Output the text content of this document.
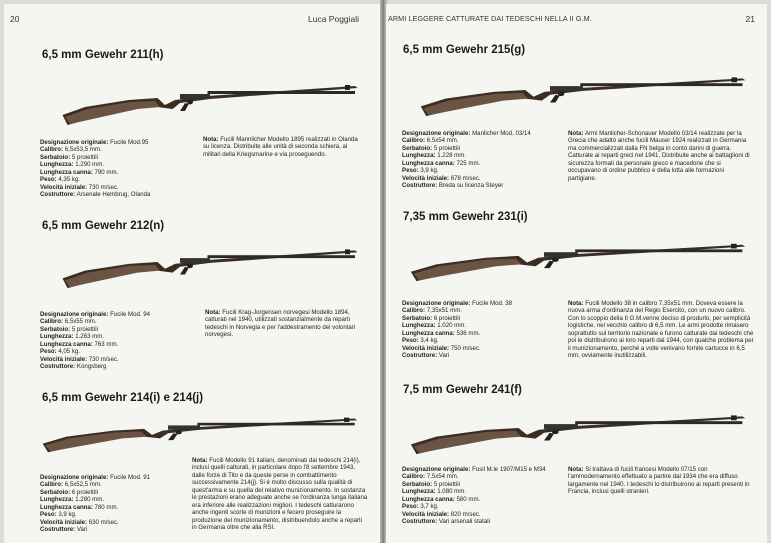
20	Luca Poggiali	ARMI LEGGERE CATTURATE DAI TEDESCHI NELLA II G.M.	21
6,5 mm Gewehr 211(h)
Designazione originale: Fucile Mod.95
Calibro: 6,5x53,5 mm.
Serbatoio: 5 proiettili
Lunghezza: 1.290 mm.
Lunghezza canna: 790 mm.
Peso: 4,35 kg.
Velocità iniziale: 730 m/sec.
Costruttore: Arsenale Hembrug, Olanda
Nota: Fucili Mannlicher Modello 1895 realizzati in Olanda su licenza. Distribuite alle unità di seconda schiera, ai militari della Kriegsmarine e via proseguendo.
6,5 mm Gewehr 212(n)
Designazione originale: Fucile Mod. 94
Calibro: 6,5x55 mm.
Serbatoio: 5 proiettili
Lunghezza: 1.263 mm.
Lunghezza canna: 763 mm.
Peso: 4,05 kg.
Velocità iniziale: 730 m/sec.
Costruttore: Kongsberg
Nota: Fucili Krag-Jorgensen norvegesi Modello 1894, catturati nel 1940, utilizzati sostanzialmente da reparti tedeschi in Norvegia e per l'addestramento dei volontari norvegesi.
6,5 mm Gewehr 214(i) e 214(j)
Designazione originale: Fucile Mod. 91
Calibro: 6,5x52,5 mm.
Serbatoio: 6 proiettili
Lunghezza: 1.280 mm.
Lunghezza canna: 780 mm.
Peso: 3,9 kg.
Velocità iniziale: 630 m/sec.
Costruttore: Vari
Nota: Fucili Modello 91 italiani, denominati dai tedeschi 214(i), inclusi quelli catturati, in particolare dopo l'8 settembre 1943, dalle forze di Tito e da queste perse in combattimento successivamente 214(j). Si è molto discusso sulla qualità di quest'arma e su quella del relativo munizionamento. In sostanza le prestazioni erano adeguate anche se l'ordinanza lunga italiana era inferiore alle realizzazioni migliori. I tedeschi catturarono anche ingenti scorte di munizioni e fecero proseguire la produzione del munizionamento, distribuendolo anche a reparti in Germania oltre che alla RSI.
6,5 mm Gewehr 215(g)
Designazione originale: Manlicher Mod. 03/14
Calibro: 6,5x54 mm.
Serbatoio: 5 proiettili
Lunghezza: 1.228 mm.
Lunghezza canna: 725 mm.
Peso: 3,9 kg.
Velocità iniziale: 678 m/sec.
Costruttore: Breda su licenza Steyer
Nota: Armi Manlicher-Schonauer Modello 03/14 realizzate per la Grecia che adattò anche fucili Mauser 1924 realizzati in Germania ma commercializzati dalla FN belga in conto danni di guerra. Catturate ai reparti greci nel 1941. Distribuite anche ai battaglioni di sicurezza formati da personale greco e macedone che si occupavano di ordine pubblico e della lotta alle formazioni partigiane.
7,35 mm Gewehr 231(i)
Designazione originale: Fucile Mod. 38
Calibro: 7,35x51 mm.
Serbatoio: 6 proiettili
Lunghezza: 1.020 mm.
Lunghezza canna: 536 mm.
Peso: 3,4 kg.
Velocità iniziale: 750 m/sec.
Costruttore: Vari
Nota: Fucili Modello 38 in calibro 7,35x51 mm. Doveva essere la nuova arma d'ordinanza del Regio Esercito, con un nuovo calibro. Con lo scoppio della II G.M.venne deciso di produrlo, per semplicità logistiche, nel vecchio calibro di 6,5 mm. Le armi prodotte rimasero soprattutto sul territorio nazionale e furono catturate dai tedeschi che poi le distribuirono ai loro reparti dal 1944, con qualche problema per il munizionamento, perché a volte venivano fornite cartucce in 6,5 mm, ovviamente inutilizzabili.
7,5 mm Gewehr 241(f)
Designazione originale: Fusil M.le 1907/M15 e M34
Calibro: 7,5x54 mm.
Serbatoio: 5 proiettili
Lunghezza: 1.080 mm.
Lunghezza canna: 580 mm.
Peso: 3,7 kg.
Velocità iniziale: 820 m/sec.
Costruttore: Vari arsenali statali
Nota: Si trattava di fucili francesi Modello 07/15 con l'ammodernamento effettuato a partire dal 1934 che era diffuso largamente nel 1940. I tedeschi lo distribuirono ai reparti presenti in Francia, inclusi quelli stranieri.
